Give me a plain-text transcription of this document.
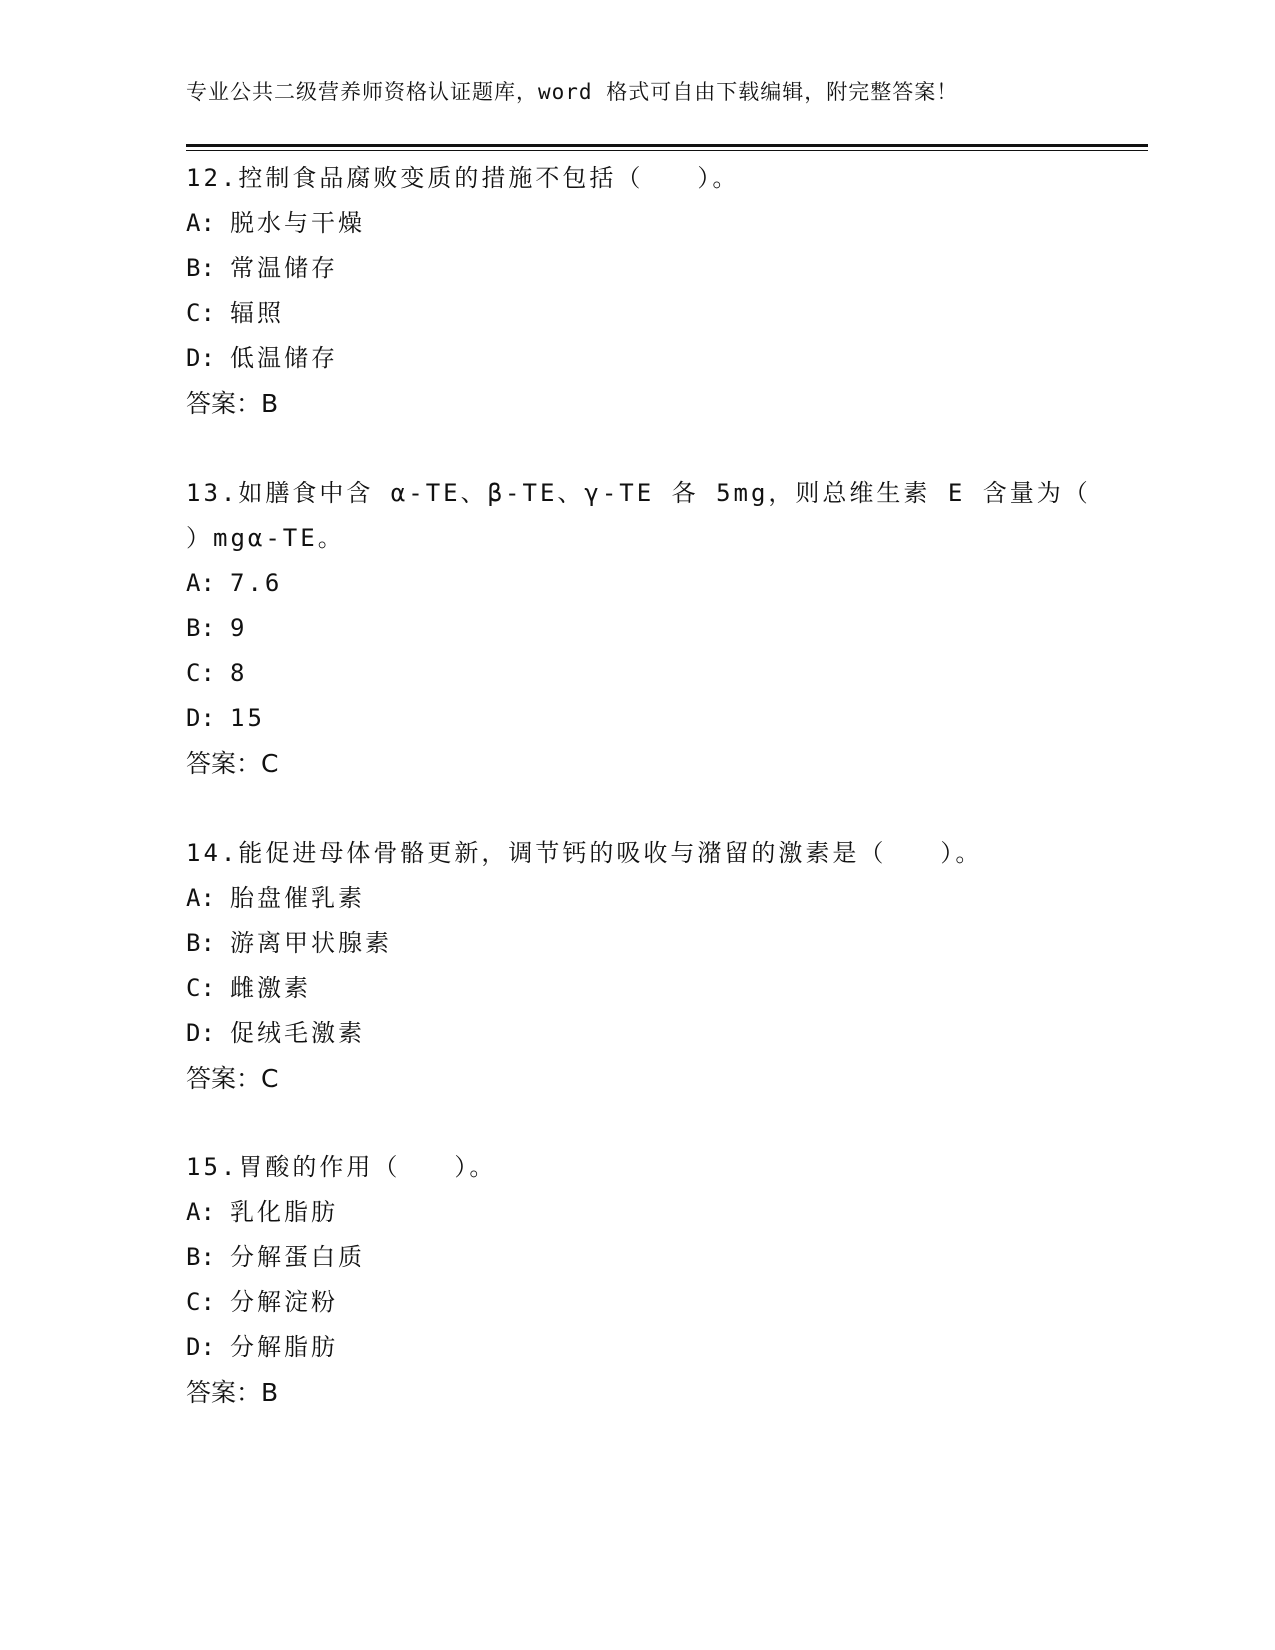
专业公共二级营养师资格认证题库，word 格式可自由下载编辑，附完整答案！
12.控制食品腐败变质的措施不包括（　　）。
A: 脱水与干燥
B: 常温储存
C: 辐照
D: 低温储存
答案：B
13.如膳食中含 α-TE、β-TE、γ-TE 各 5mg，则总维生素 E 含量为（
）mgα-TE。
A: 7.6
B: 9
C: 8
D: 15
答案：C
14.能促进母体骨骼更新，调节钙的吸收与潴留的激素是（　　）。
A: 胎盘催乳素
B: 游离甲状腺素
C: 雌激素
D: 促绒毛激素
答案：C
15.胃酸的作用（　　）。
A: 乳化脂肪
B: 分解蛋白质
C: 分解淀粉
D: 分解脂肪
答案：B
